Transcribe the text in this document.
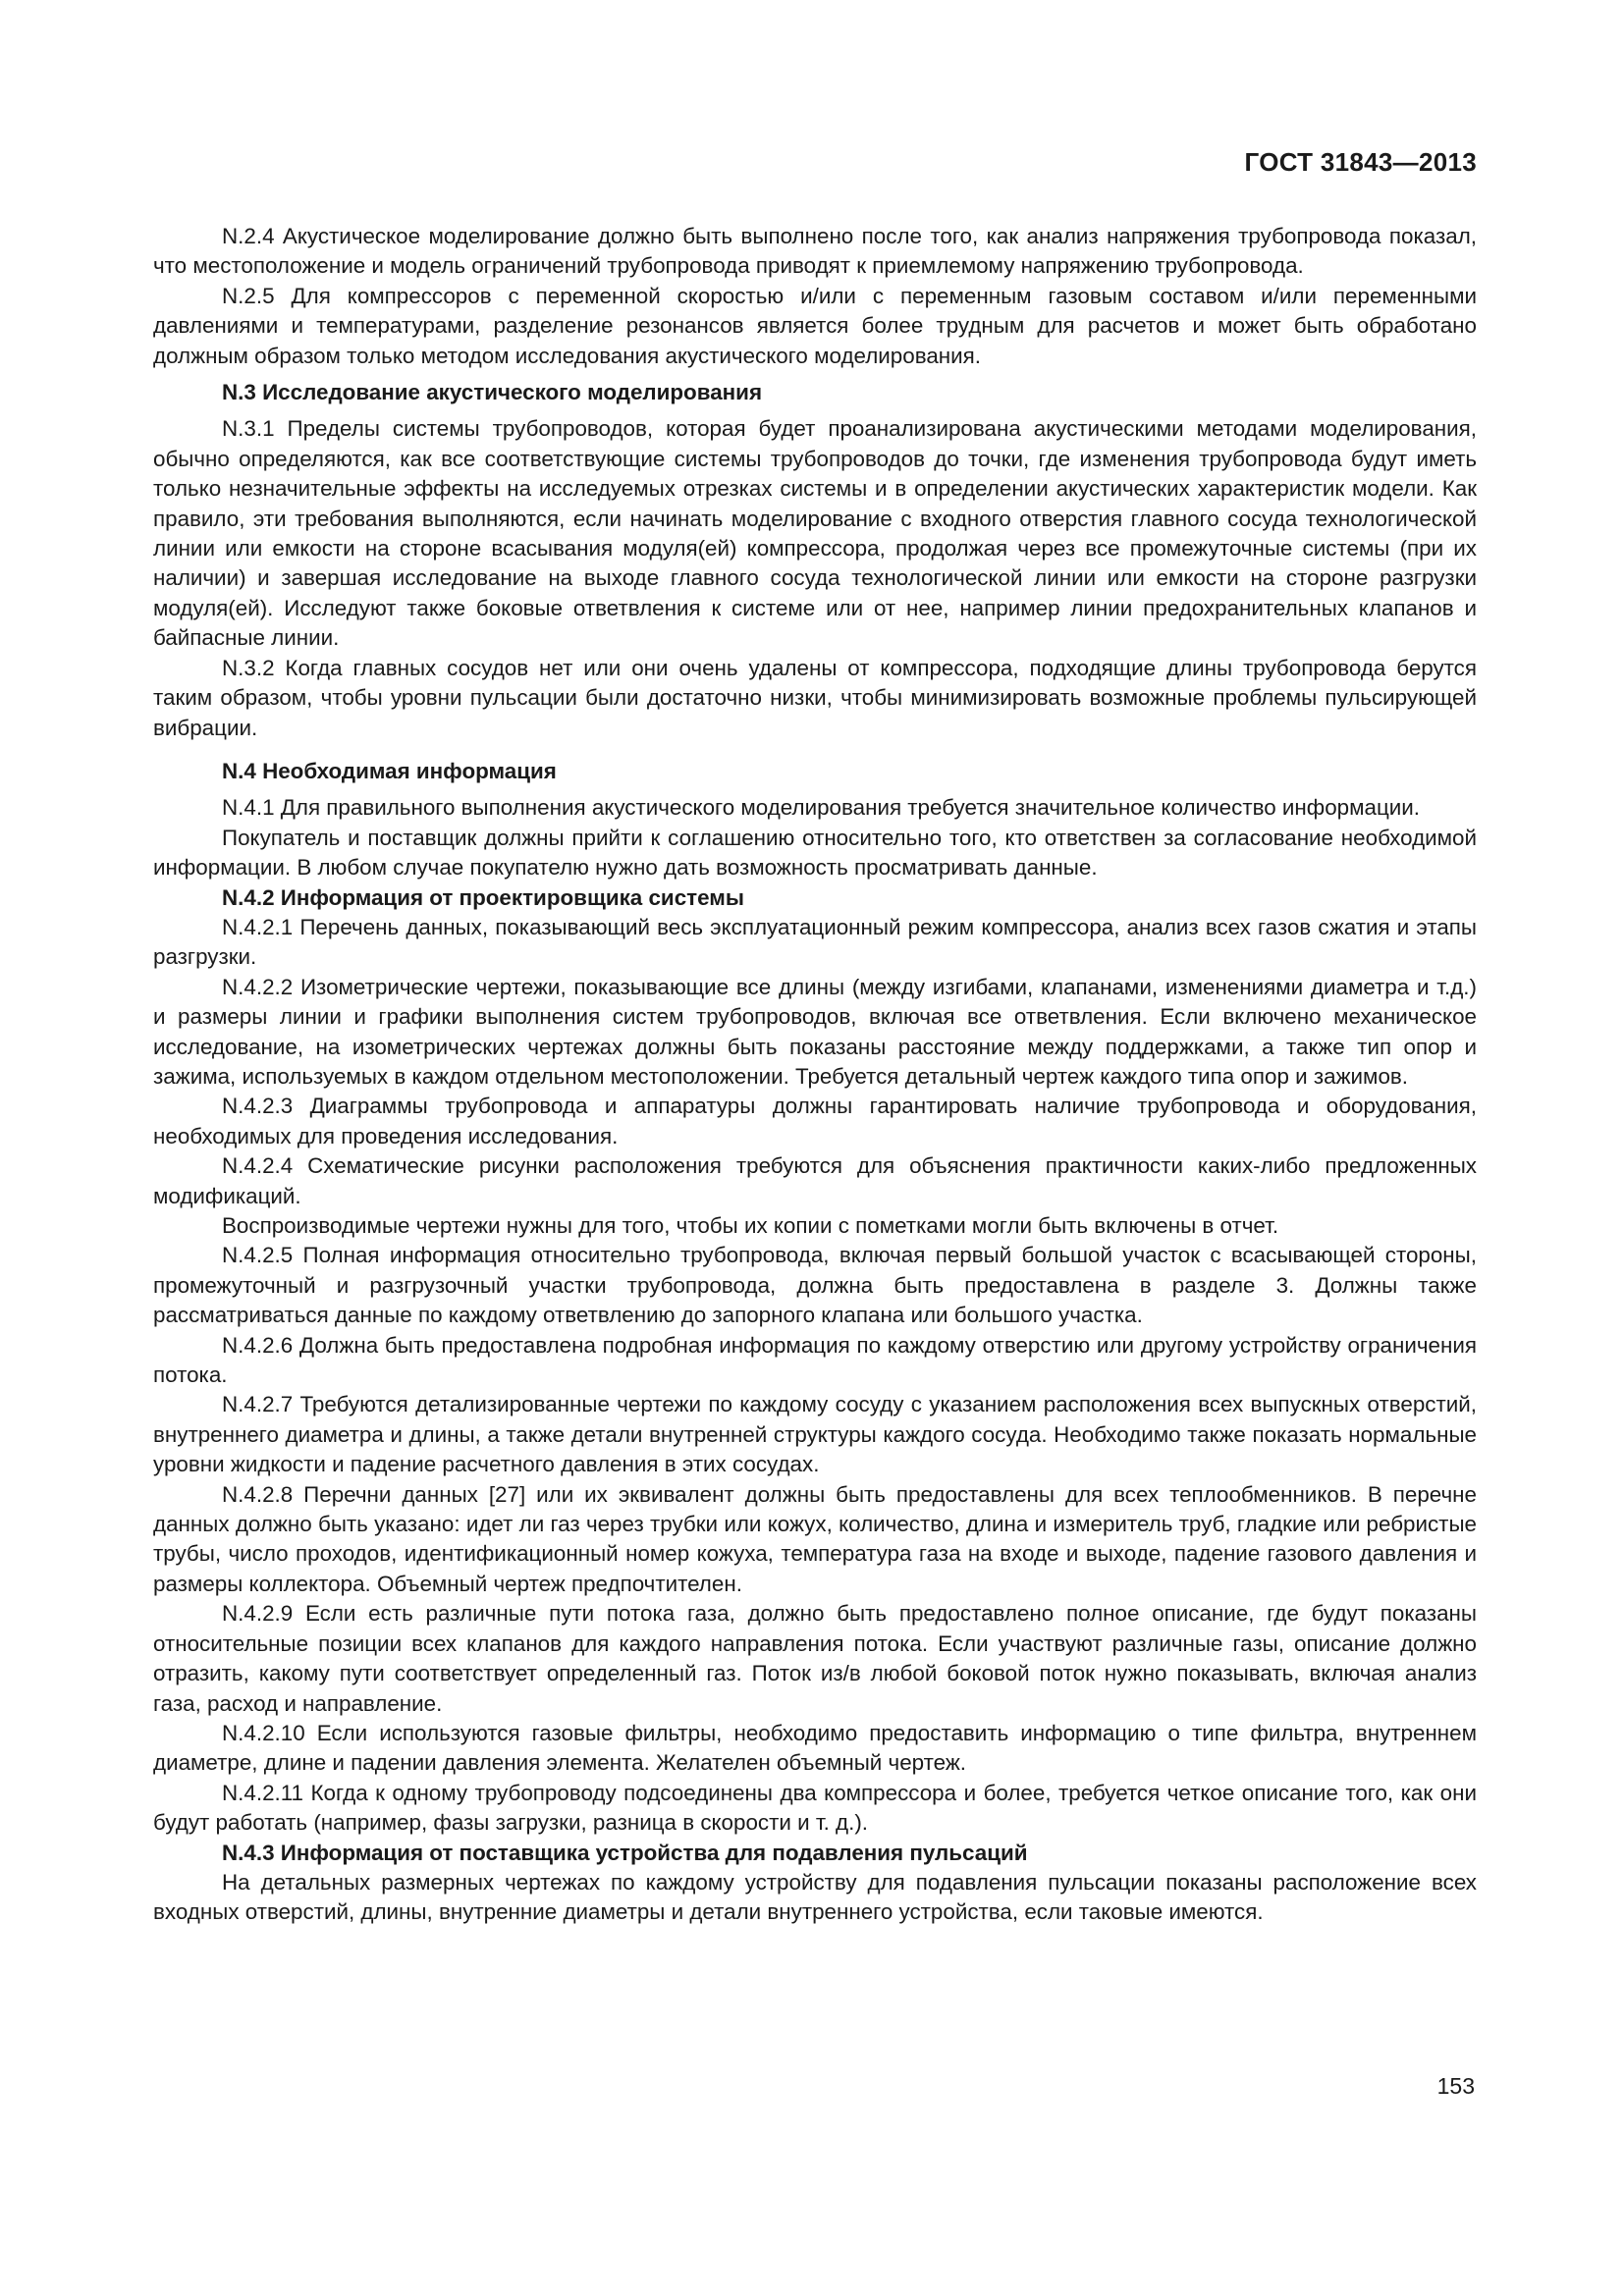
ГОСТ 31843—2013

N.2.4 Акустическое моделирование должно быть выполнено после того, как анализ напряжения трубопровода показал, что местоположение и модель ограничений трубопровода приводят к приемлемому напряжению трубопровода.

N.2.5 Для компрессоров с переменной скоростью и/или с переменным газовым составом и/или переменными давлениями и температурами, разделение резонансов является более трудным для расчетов и может быть обработано должным образом только методом исследования акустического моделирования.

N.3 Исследование акустического моделирования

N.3.1 Пределы системы трубопроводов, которая будет проанализирована акустическими методами моделирования, обычно определяются, как все соответствующие системы трубопроводов до точки, где изменения трубопровода будут иметь только незначительные эффекты на исследуемых отрезках системы и в определении акустических характеристик модели. Как правило, эти требования выполняются, если начинать моделирование с входного отверстия главного сосуда технологической линии или емкости на стороне всасывания модуля(ей) компрессора, продолжая через все промежуточные системы (при их наличии) и завершая исследование на выходе главного сосуда технологической линии или емкости на стороне разгрузки модуля(ей). Исследуют также боковые ответвления к системе или от нее, например линии предохранительных клапанов и байпасные линии.

N.3.2 Когда главных сосудов нет или они очень удалены от компрессора, подходящие длины трубопровода берутся таким образом, чтобы уровни пульсации были достаточно низки, чтобы минимизировать возможные проблемы пульсирующей вибрации.

N.4 Необходимая информация

N.4.1 Для правильного выполнения акустического моделирования требуется значительное количество информации.

Покупатель и поставщик должны прийти к соглашению относительно того, кто ответствен за согласование необходимой информации. В любом случае покупателю нужно дать возможность просматривать данные.

N.4.2 Информация от проектировщика системы

N.4.2.1 Перечень данных, показывающий весь эксплуатационный режим компрессора, анализ всех газов сжатия и этапы разгрузки.

N.4.2.2 Изометрические чертежи, показывающие все длины (между изгибами, клапанами, изменениями диаметра и т.д.) и размеры линии и графики выполнения систем трубопроводов, включая все ответвления. Если включено механическое исследование, на изометрических чертежах должны быть показаны расстояние между поддержками, а также тип опор и зажима, используемых в каждом отдельном местоположении. Требуется детальный чертеж каждого типа опор и зажимов.

N.4.2.3 Диаграммы трубопровода и аппаратуры должны гарантировать наличие трубопровода и оборудования, необходимых для проведения исследования.

N.4.2.4 Схематические рисунки расположения требуются для объяснения практичности каких-либо предложенных модификаций.

Воспроизводимые чертежи нужны для того, чтобы их копии с пометками могли быть включены в отчет.

N.4.2.5 Полная информация относительно трубопровода, включая первый большой участок с всасывающей стороны, промежуточный и разгрузочный участки трубопровода, должна быть предоставлена в разделе 3. Должны также рассматриваться данные по каждому ответвлению до запорного клапана или большого участка.

N.4.2.6 Должна быть предоставлена подробная информация по каждому отверстию или другому устройству ограничения потока.

N.4.2.7 Требуются детализированные чертежи по каждому сосуду с указанием расположения всех выпускных отверстий, внутреннего диаметра и длины, а также детали внутренней структуры каждого сосуда. Необходимо также показать нормальные уровни жидкости и падение расчетного давления в этих сосудах.

N.4.2.8 Перечни данных [27] или их эквивалент должны быть предоставлены для всех теплообменников. В перечне данных должно быть указано: идет ли газ через трубки или кожух, количество, длина и измеритель труб, гладкие или ребристые трубы, число проходов, идентификационный номер кожуха, температура газа на входе и выходе, падение газового давления и размеры коллектора. Объемный чертеж предпочтителен.

N.4.2.9 Если есть различные пути потока газа, должно быть предоставлено полное описание, где будут показаны относительные позиции всех клапанов для каждого направления потока. Если участвуют различные газы, описание должно отразить, какому пути соответствует определенный газ. Поток из/в любой боковой поток нужно показывать, включая анализ газа, расход и направление.

N.4.2.10 Если используются газовые фильтры, необходимо предоставить информацию о типе фильтра, внутреннем диаметре, длине и падении давления элемента. Желателен объемный чертеж.

N.4.2.11 Когда к одному трубопроводу подсоединены два компрессора и более, требуется четкое описание того, как они будут работать (например, фазы загрузки, разница в скорости и т. д.).

N.4.3 Информация от поставщика устройства для подавления пульсаций

На детальных размерных чертежах по каждому устройству для подавления пульсации показаны расположение всех входных отверстий, длины, внутренние диаметры и детали внутреннего устройства, если таковые имеются.

153
